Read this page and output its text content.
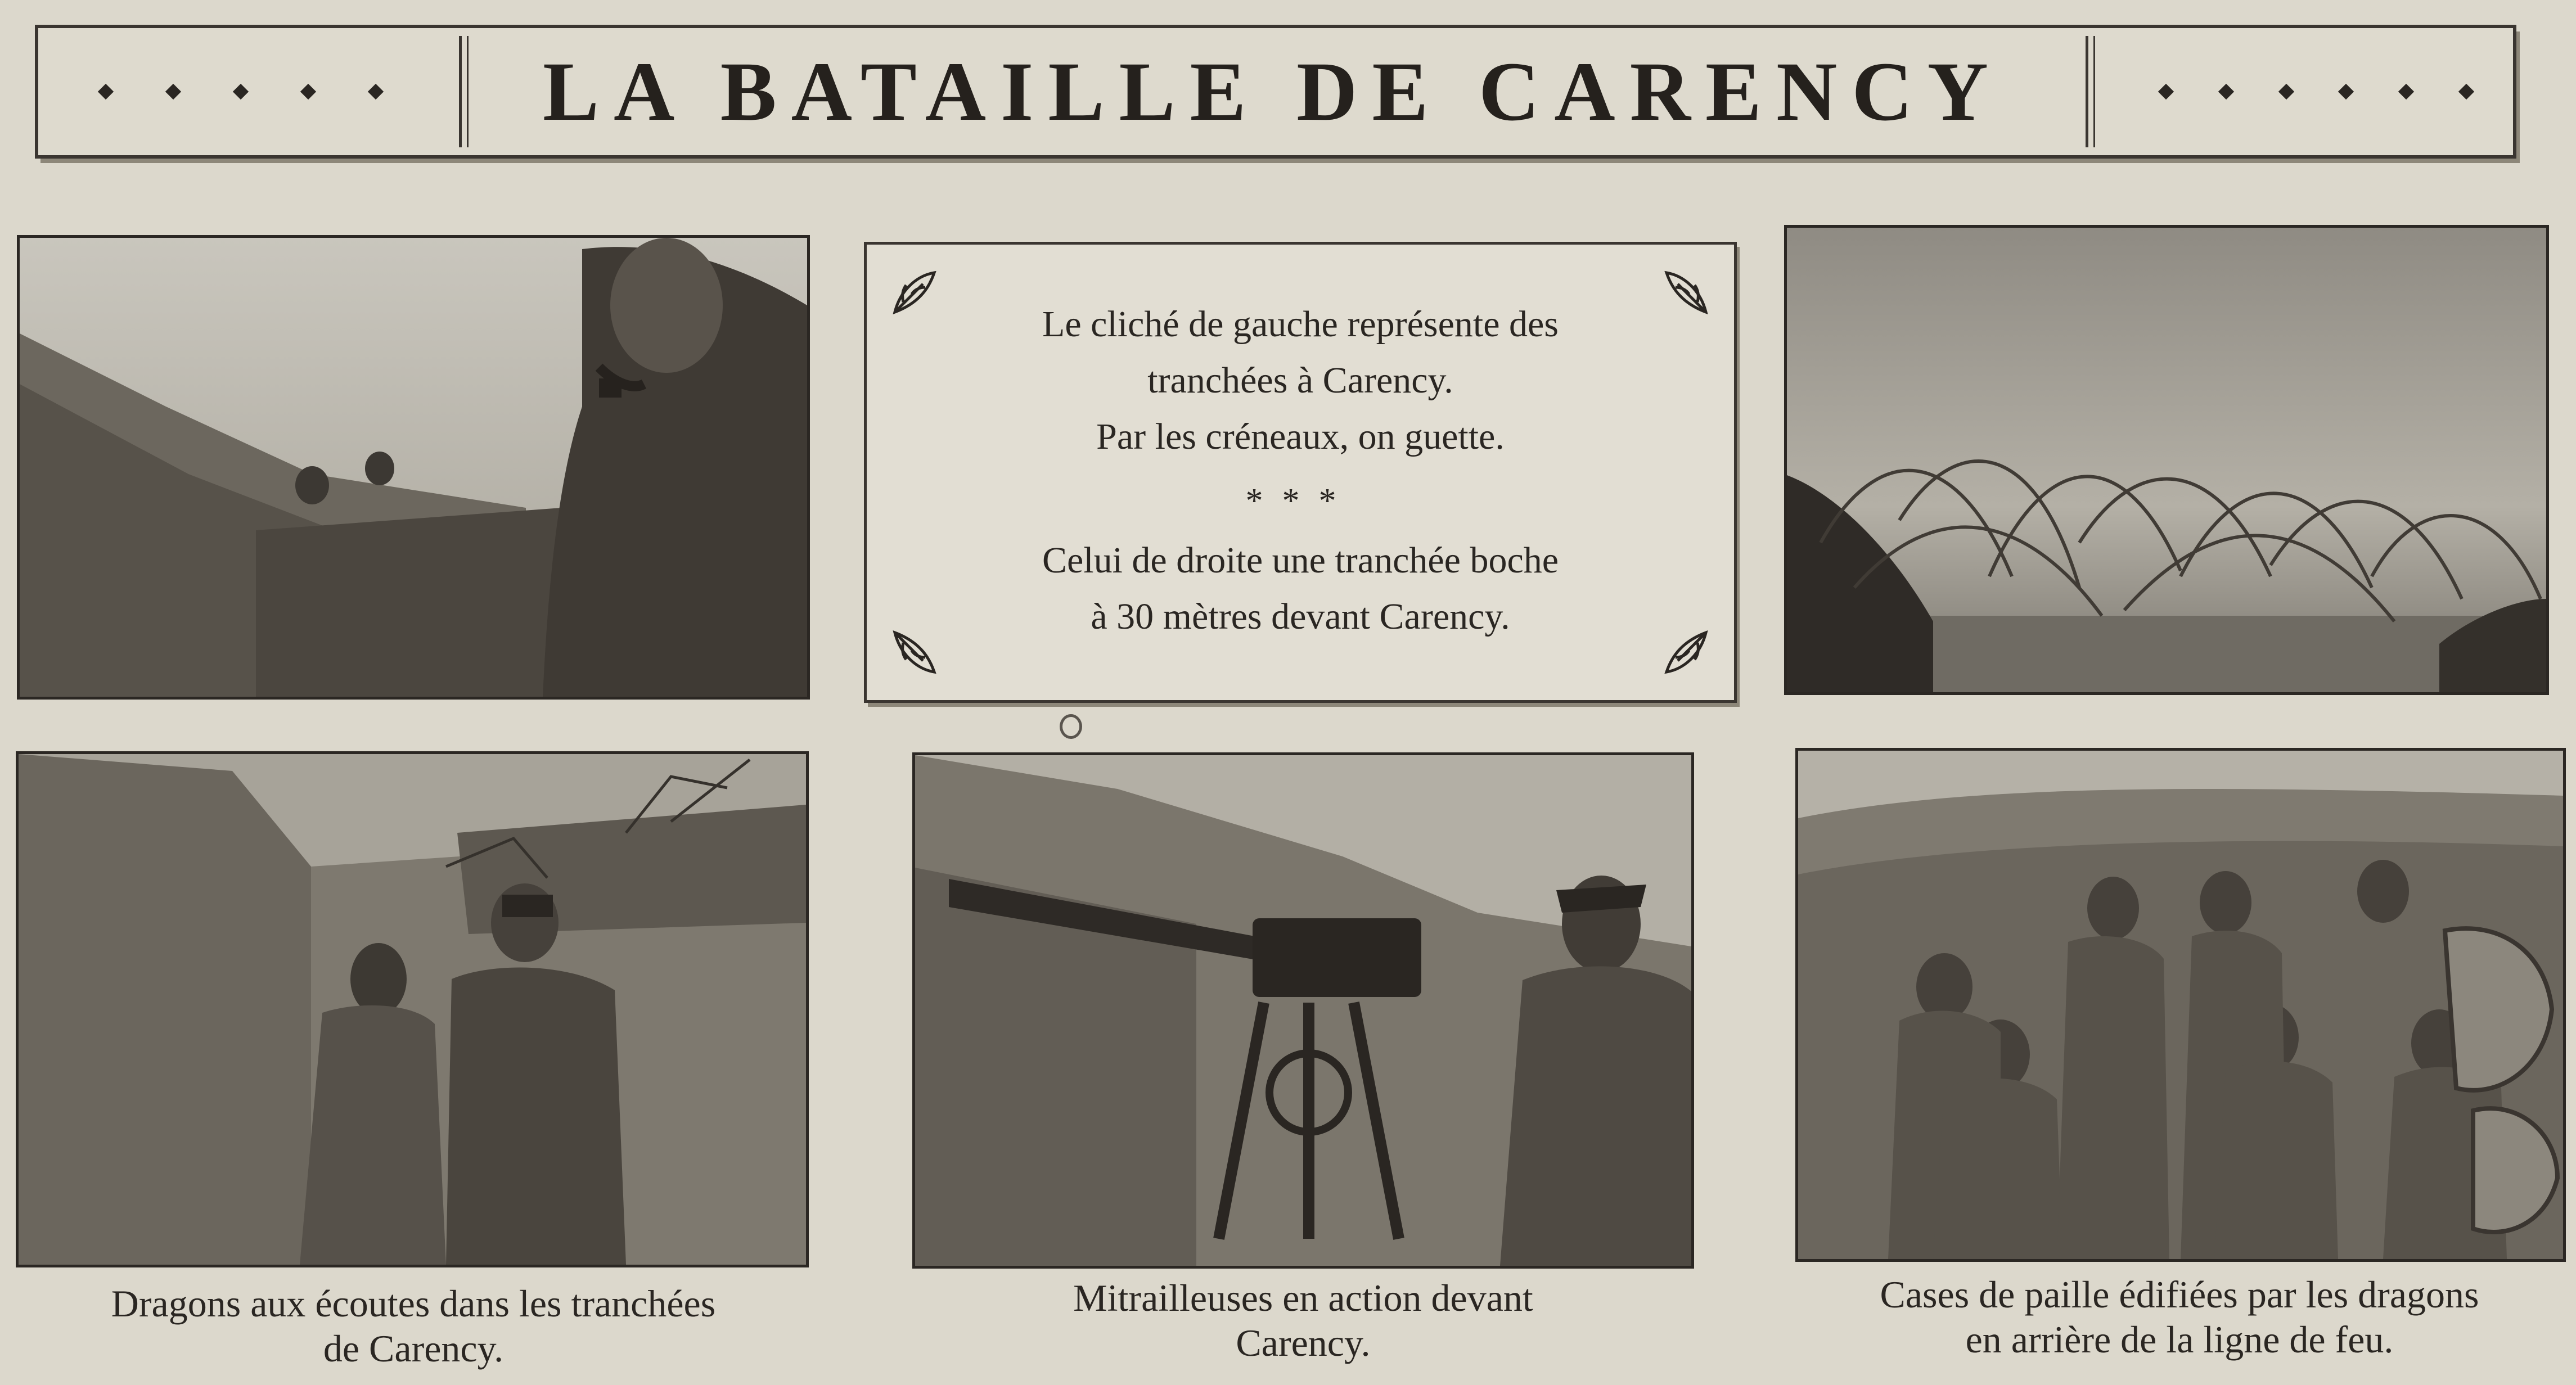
LA BATAILLE DE CARENCY
Le cliché de gauche représente des
tranchées à Carency.
Par les créneaux, on guette.
***
Celui de droite une tranchée boche
à 30 mètres devant Carency.
Dragons aux écoutes dans les tranchées
de Carency.
Mitrailleuses en action devant
Carency.
Cases de paille édifiées par les dragons
en arrière de la ligne de feu.
